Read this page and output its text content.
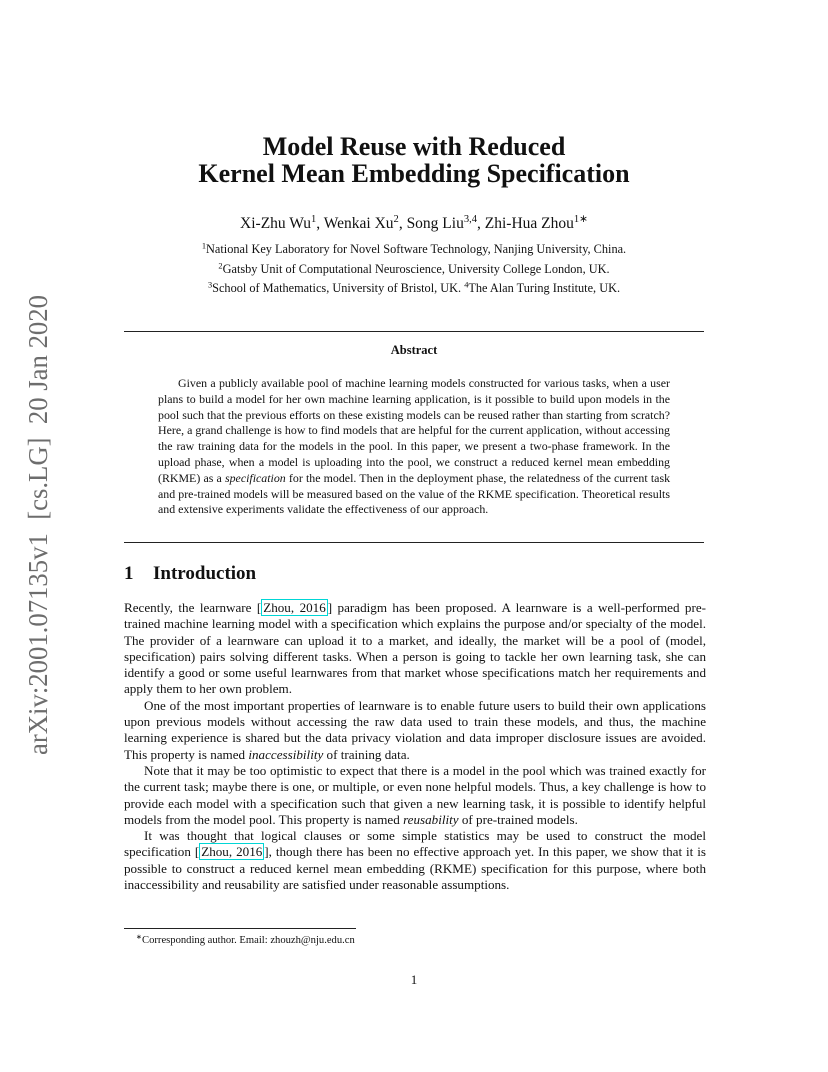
arXiv:2001.07135v1  [cs.LG]  20 Jan 2020
Model Reuse with Reduced
Kernel Mean Embedding Specification
Xi-Zhu Wu$^1$, Wenkai Xu$^2$, Song Liu$^{3,4}$, Zhi-Hua Zhou$^{1∗}$
$^1$National Key Laboratory for Novel Software Technology, Nanjing University, China.
$^2$Gatsby Unit of Computational Neuroscience, University College London, UK.
$^3$School of Mathematics, University of Bristol, UK. $^4$The Alan Turing Institute, UK.
Abstract
Given a publicly available pool of machine learning models constructed for various tasks, when a user plans to build a model for her own machine learning application, is it possible to build upon models in the pool such that the previous efforts on these existing models can be reused rather than starting from scratch? Here, a grand challenge is how to find models that are helpful for the current application, without accessing the raw training data for the models in the pool. In this paper, we present a two-phase framework. In the upload phase, when a model is uploading into the pool, we construct a reduced kernel mean embedding (RKME) as a specification for the model. Then in the deployment phase, the relatedness of the current task and pre-trained models will be measured based on the value of the RKME specification. Theoretical results and extensive experiments validate the effectiveness of our approach.
1 Introduction

Recently, the learnware [ Zhou, 2016 ] paradigm has been proposed. A learnware is a well-performed pre-trained machine learning model with a specification which explains the purpose and/or specialty of the model. The provider of a learnware can upload it to a market, and ideally, the market will be a pool of (model, specification) pairs solving different tasks. When a person is going to tackle her own learning task, she can identify a good or some useful learnwares from that market whose specifications match her requirements and apply them to her own problem.

One of the most important properties of learnware is to enable future users to build their own applications upon previous models without accessing the raw data used to train these models, and thus, the machine learning experience is shared but the data privacy violation and data improper disclosure issues are avoided. This property is named inaccessibility of training data.

Note that it may be too optimistic to expect that there is a model in the pool which was trained exactly for the current task; maybe there is one, or multiple, or even none helpful models. Thus, a key challenge is how to provide each model with a specification such that given a new learning task, it is possible to identify helpful models from the model pool. This property is named reusability of pre-trained models.

It was thought that logical clauses or some simple statistics may be used to construct the model specification [ Zhou, 2016 ], though there has been no effective approach yet. In this paper, we show that it is possible to construct a reduced kernel mean embedding (RKME) specification for this purpose, where both inaccessibility and reusability are satisfied under reasonable assumptions.

∗Corresponding author. Email: zhouzh@nju.edu.cn
1
